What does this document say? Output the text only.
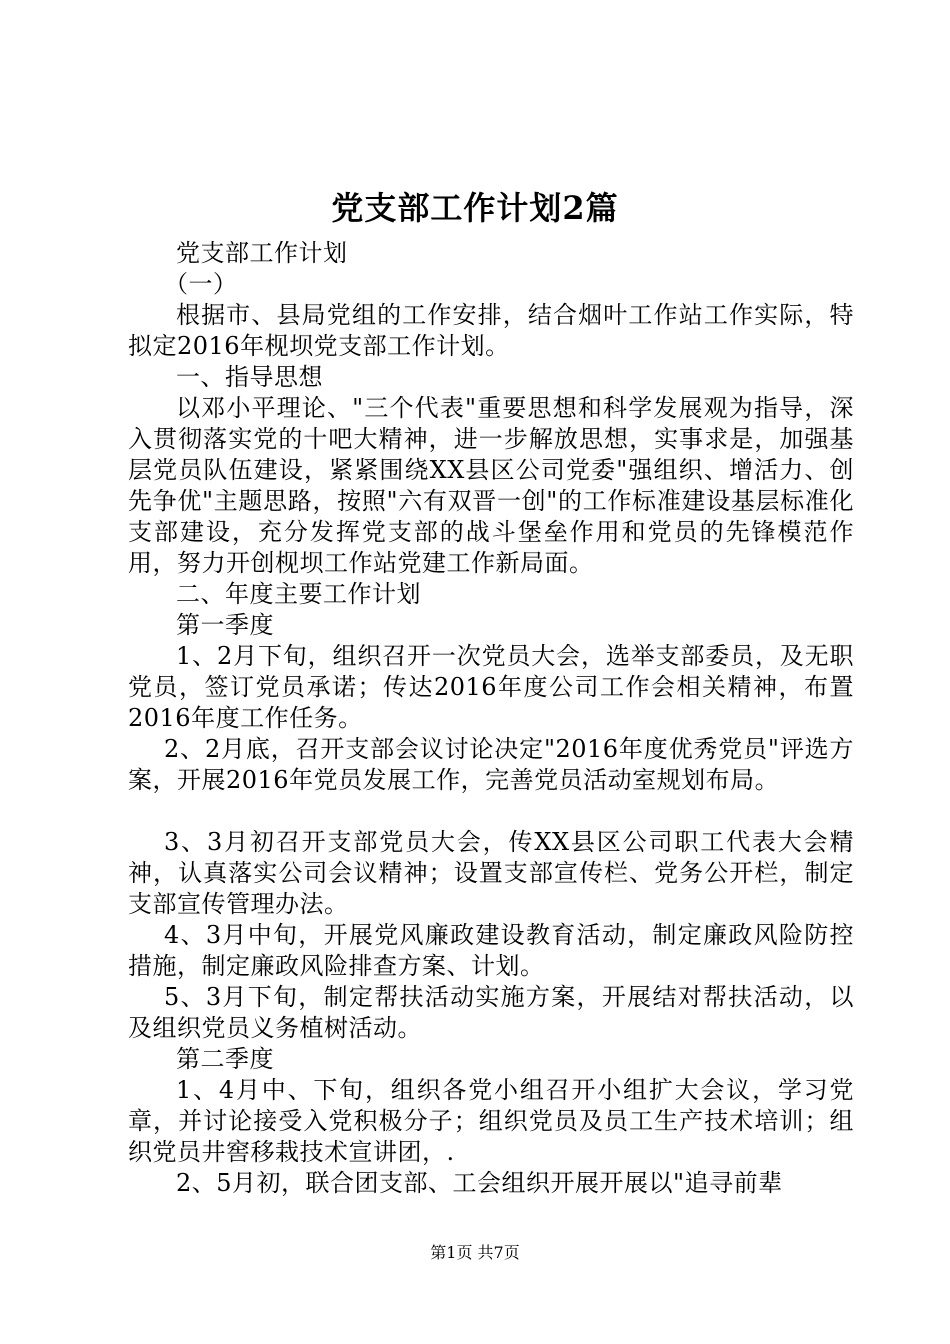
党支部工作计划2篇

党支部工作计划

（一）

根据市、县局党组的工作安排，结合烟叶工作站工作实际，特拟定2016年枧坝党支部工作计划。

一、指导思想

以邓小平理论、"三个代表"重要思想和科学发展观为指导，深入贯彻落实党的十吧大精神，进一步解放思想，实事求是，加强基层党员队伍建设，紧紧围绕XX县区公司党委"强组织、增活力、创先争优"主题思路，按照"六有双晋一创"的工作标准建设基层标准化支部建设，充分发挥党支部的战斗堡垒作用和党员的先锋模范作用，努力开创枧坝工作站党建工作新局面。

二、年度主要工作计划

第一季度

1、2月下旬，组织召开一次党员大会，选举支部委员，及无职党员，签订党员承诺；传达2016年度公司工作会相关精神，布置2016年度工作任务。

2、2月底，召开支部会议讨论决定"2016年度优秀党员"评选方案，开展2016年党员发展工作，完善党员活动室规划布局。

3、3月初召开支部党员大会，传XX县区公司职工代表大会精神，认真落实公司会议精神；设置支部宣传栏、党务公开栏，制定支部宣传管理办法。

4、3月中旬，开展党风廉政建设教育活动，制定廉政风险防控措施，制定廉政风险排查方案、计划。

5、3月下旬，制定帮扶活动实施方案，开展结对帮扶活动，以及组织党员义务植树活动。

第二季度

1、4月中、下旬，组织各党小组召开小组扩大会议，学习党章，并讨论接受入党积极分子；组织党员及员工生产技术培训；组织党员井窖移栽技术宣讲团，.

2、5月初，联合团支部、工会组织开展开展以"追寻前辈

第1页 共7页
